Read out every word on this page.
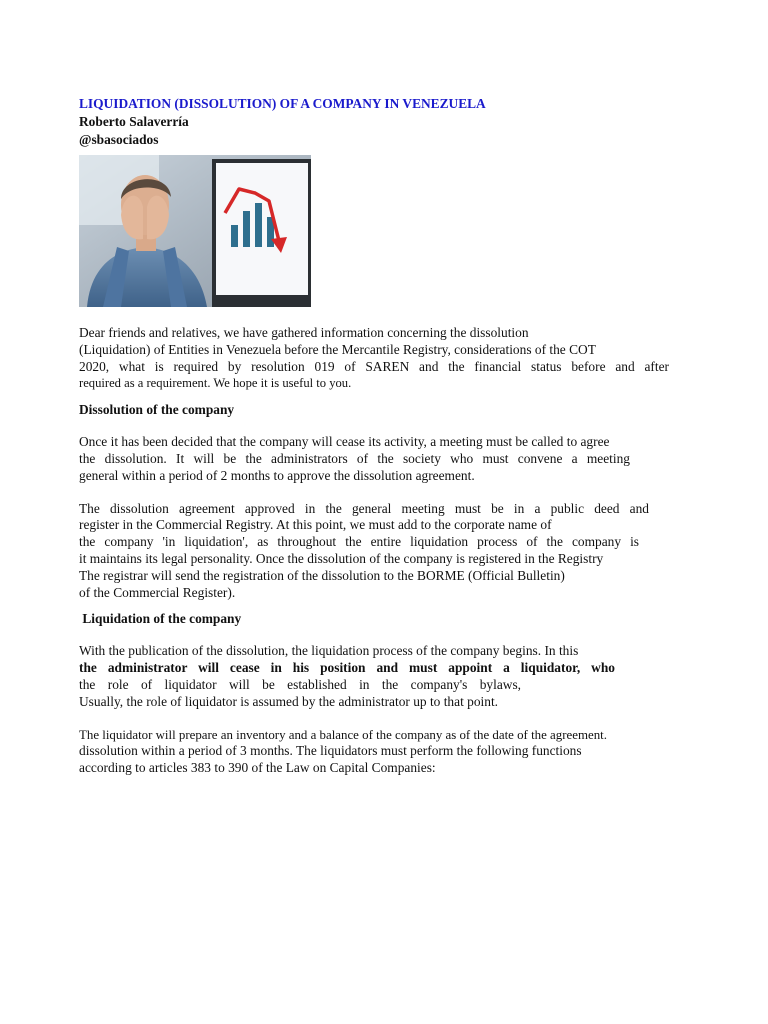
LIQUIDATION (DISSOLUTION) OF A COMPANY IN VENEZUELA

Roberto Salaverría

@sbasociados

Dear friends and relatives, we have gathered information concerning the dissolution
(Liquidation) of Entities in Venezuela before the Mercantile Registry, considerations of the COT
2020, what is required by resolution 019 of SAREN and the financial status before and after
required as a requirement. We hope it is useful to you.

Dissolution of the company

Once it has been decided that the company will cease its activity, a meeting must be called to agree
the dissolution. It will be the administrators of the society who must convene a meeting
general within a period of 2 months to approve the dissolution agreement.
The dissolution agreement approved in the general meeting must be in a public deed and
register in the Commercial Registry. At this point, we must add to the corporate name of
the company 'in liquidation', as throughout the entire liquidation process of the company is
it maintains its legal personality. Once the dissolution of the company is registered in the Registry
The registrar will send the registration of the dissolution to the BORME (Official Bulletin)
of the Commercial Register).

Liquidation of the company

With the publication of the dissolution, the liquidation process of the company begins. In this
the administrator will cease in his position and must appoint a liquidator, who
the role of liquidator will be established in the company's bylaws,
Usually, the role of liquidator is assumed by the administrator up to that point.
The liquidator will prepare an inventory and a balance of the company as of the date of the agreement.
dissolution within a period of 3 months. The liquidators must perform the following functions
according to articles 383 to 390 of the Law on Capital Companies:
